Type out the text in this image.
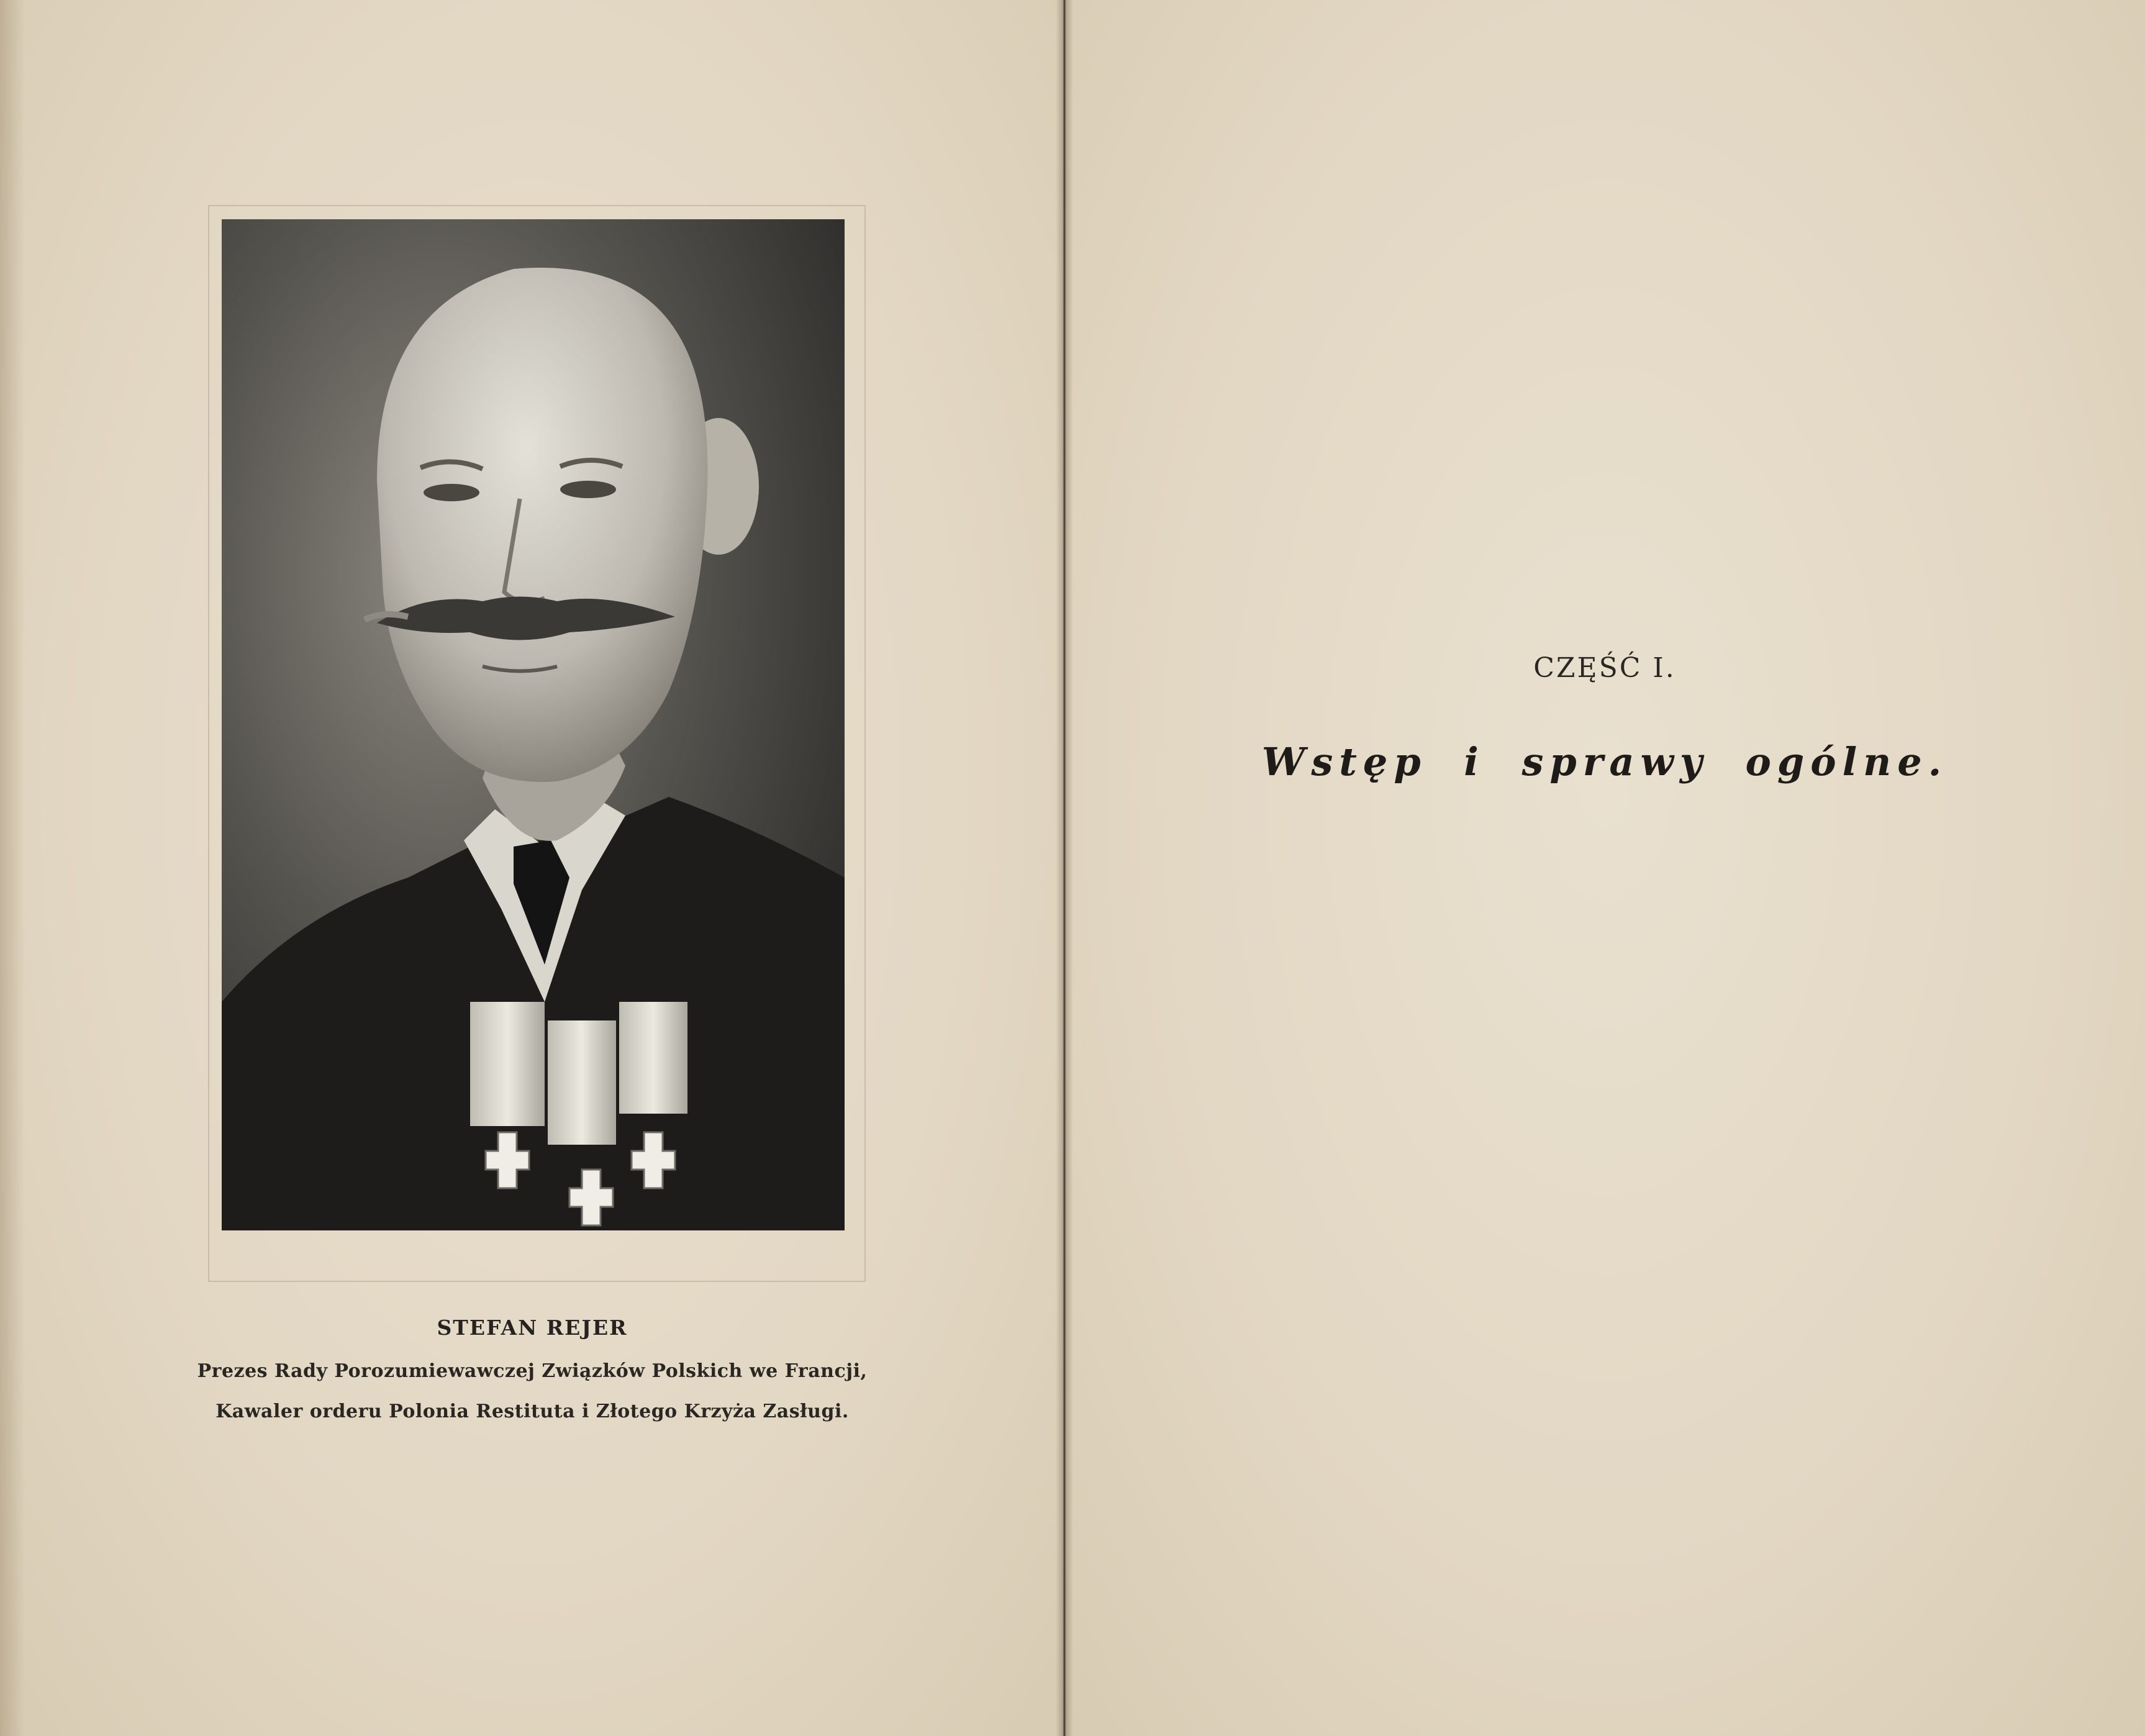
STEFAN REJER
Prezes Rady Porozumiewawczej Związków Polskich we Francji,
Kawaler orderu Polonia Restituta i Złotego Krzyża Zasługi.
CZĘŚĆ I.
Wstęp i sprawy ogólne.
